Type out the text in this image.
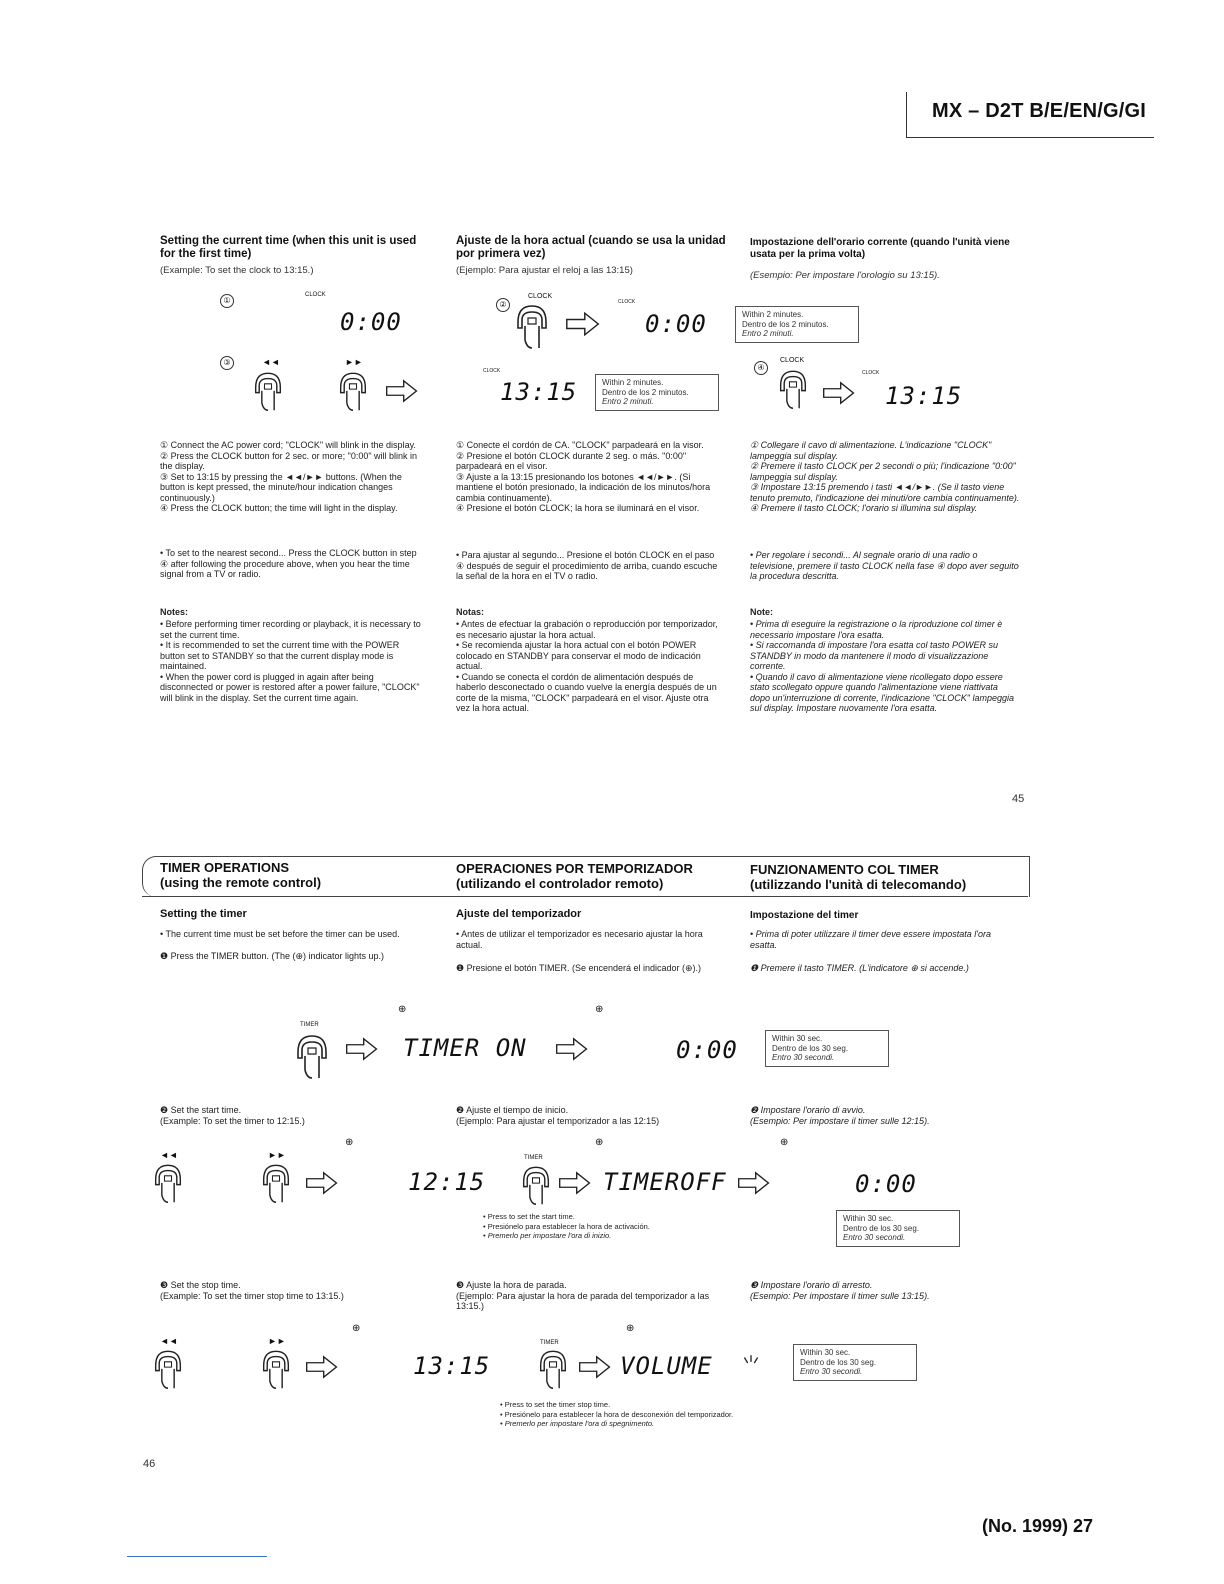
MX – D2T B/E/EN/G/GI
Setting the current time (when this unit is used for the first time)
(Example: To set the clock to 13:15.)
Ajuste de la hora actual (cuando se usa la unidad por primera vez)
(Ejemplo: Para ajustar el reloj a las 13:15)
Impostazione dell'orario corrente (quando l'unità viene usata per la prima volta)
(Esempio: Per impostare l'orologio su 13:15).
①
CLOCK
0:00
③	◄◄	►►
②
CLOCK
CLOCK
0:00
CLOCK
13:15	Within 2 minutes.
Dentro de los 2 minutos.
Entro 2 minuti.
Within 2 minutes.
Dentro de los 2 minutos.
Entro 2 minuti.
④
CLOCK
CLOCK
13:15

① Connect the AC power cord; "CLOCK" will blink in the display.

② Press the CLOCK button for 2 sec. or more; "0:00" will blink in the display.

③ Set to 13:15 by pressing the ◄◄/►► buttons. (When the button is kept pressed, the minute/hour indication changes continuously.)

④ Press the CLOCK button; the time will light in the display.

• To set to the nearest second... Press the CLOCK button in step ④ after following the procedure above, when you hear the time signal from a TV or radio.
Notes:

• Before performing timer recording or playback, it is necessary to set the current time.

• It is recommended to set the current time with the POWER button set to STANDBY so that the current display mode is maintained.

• When the power cord is plugged in again after being disconnected or power is restored after a power failure, "CLOCK" will blink in the display. Set the current time again.

① Conecte el cordón de CA. "CLOCK" parpadeará en la visor.

② Presione el botón CLOCK durante 2 seg. o más. "0:00" parpadeará en el visor.

③ Ajuste a la 13:15 presionando los botones ◄◄/►►. (Si mantiene el botón presionado, la indicación de los minutos/hora cambia continuamente).

④ Presione el botón CLOCK; la hora se iluminará en el visor.

• Para ajustar al segundo... Presione el botón CLOCK en el paso ④ después de seguir el procedimiento de arriba, cuando escuche la señal de la hora en el TV o radio.
Notas:

• Antes de efectuar la grabación o reproducción por temporizador, es necesario ajustar la hora actual.

• Se recomienda ajustar la hora actual con el botón POWER colocado en STANDBY para conservar el modo de indicación actual.

• Cuando se conecta el cordón de alimentación después de haberlo desconectado o cuando vuelve la energía después de un corte de la misma, "CLOCK" parpadeará en el visor. Ajuste otra vez la hora actual.

① Collegare il cavo di alimentazione. L'indicazione "CLOCK" lampeggia sul display.

② Premere il tasto CLOCK per 2 secondi o più; l'indicazione "0:00" lampeggia sul display.

③ Impostare 13:15 premendo i tasti ◄◄/►►. (Se il tasto viene tenuto premuto, l'indicazione dei minuti/ore cambia continuamente).

④ Premere il tasto CLOCK; l'orario si illumina sul display.

• Per regolare i secondi... Al segnale orario di una radio o televisione, premere il tasto CLOCK nella fase ④ dopo aver seguito la procedura descritta.
Note:

• Prima di eseguire la registrazione o la riproduzione col timer è necessario impostare l'ora esatta.

• Si raccomanda di impostare l'ora esatta col tasto POWER su STANDBY in modo da mantenere il modo di visualizzazione corrente.

• Quando il cavo di alimentazione viene ricollegato dopo essere stato scollegato oppure quando l'alimentazione viene riattivata dopo un'interruzione di corrente, l'indicazione "CLOCK" lampeggia sul display. Impostare nuovamente l'ora esatta.

45
TIMER OPERATIONS
(using the remote control)
OPERACIONES POR TEMPORIZADOR
(utilizando el controlador remoto)
FUNZIONAMENTO COL TIMER
(utilizzando l'unità di telecomando)
Setting the timer	Ajuste del temporizador	Impostazione del timer
• The current time must be set before the timer can be used.	• Antes de utilizar el temporizador es necesario ajustar la hora actual.
• Prima di poter utilizzare il timer deve essere impostata l'ora esatta.
❶ Press the TIMER button. (The (⊕) indicator lights up.)
❶ Presione el botón TIMER. (Se encenderá el indicador (⊕).)	❶ Premere il tasto TIMER. (L'indicatore ⊕ si accende.)
⊕	⊕
TIMER
TIMER ON	0:00	Within 30 sec.
Dentro de los 30 seg.
Entro 30 secondi.

❷ Set the start time.

(Example: To set the timer to 12:15.)

❷ Ajuste el tiempo de inicio.

(Ejemplo: Para ajustar el temporizador a las 12:15)

❷ Impostare l'orario di avvio.

(Esempio: Per impostare il timer sulle 12:15).

⊕	⊕	⊕
◄◄	►►
12:15
TIMER
TIMEROFF	0:00
Within 30 sec.
Dentro de los 30 seg.
Entro 30 secondi.

• Press to set the start time.

• Presiónelo para establecer la hora de activación.

• Premerlo per impostare l'ora di inizio.

❸ Set the stop time.

(Example: To set the timer stop time to 13:15.)

❸ Ajuste la hora de parada.

(Ejemplo: Para ajustar la hora de parada del temporizador a las 13:15.)

❸ Impostare l'orario di arresto.

(Esempio: Per impostare il timer sulle 13:15).

⊕	⊕
◄◄	►►
13:15
TIMER
VOLUME	Within 30 sec.
Dentro de los 30 seg.
Entro 30 secondi.

• Press to set the timer stop time.

• Presiónelo para establecer la hora de desconexión del temporizador.

• Premerlo per impostare l'ora di spegnimento.

46
(No. 1999) 27
